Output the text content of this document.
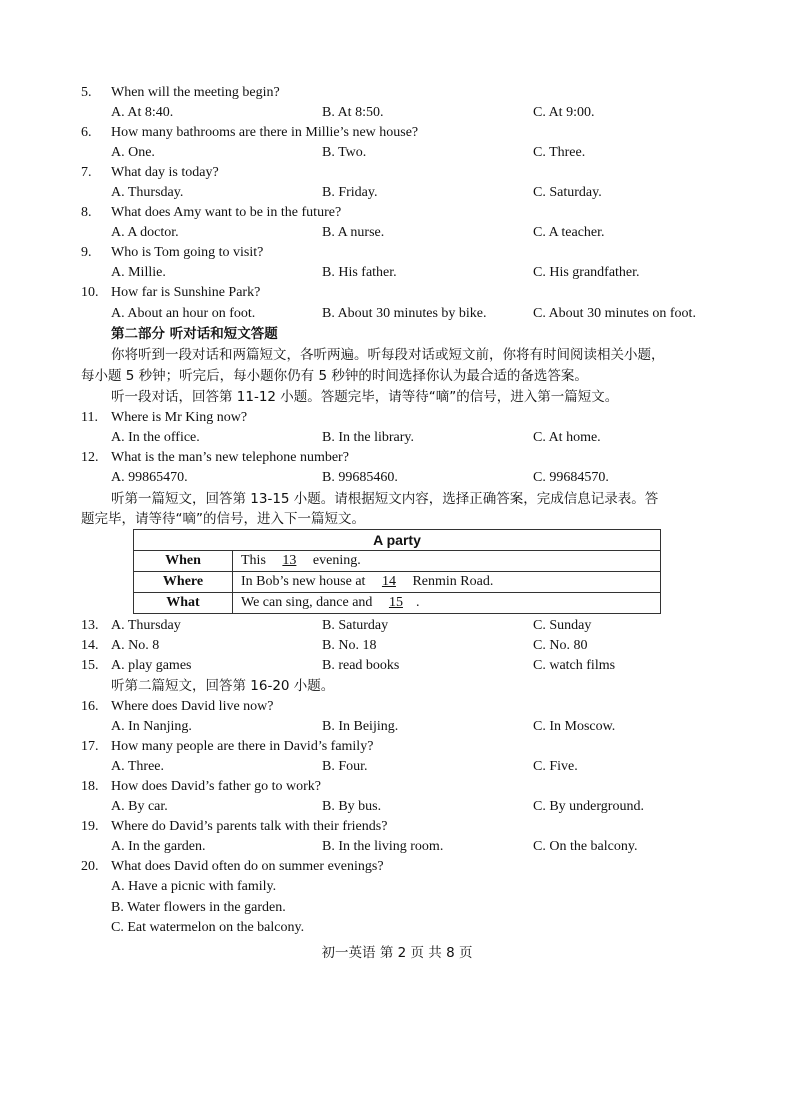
5. When will the meeting begin?
A. At 8:40.	B. At 8:50.	C. At 9:00.
6. How many bathrooms are there in Millie’s new house?
A. One.	B. Two.	C. Three.
7. What day is today?
A. Thursday.	B. Friday.	C. Saturday.
8. What does Amy want to be in the future?
A. A doctor.	B. A nurse.	C. A teacher.
9. Who is Tom going to visit?
A. Millie.	B. His father.	C. His grandfather.
10. How far is Sunshine Park?
A. About an hour on foot.	B. About 30 minutes by bike.	C. About 30 minutes on foot.
第二部分 听对话和短文答题
你将听到一段对话和两篇短文，各听两遍。听每段对话或短文前，你将有时间阅读相关小题，
每小题 5 秒钟；听完后，每小题你仍有 5 秒钟的时间选择你认为最合适的备选答案。
听一段对话，回答第 11-12 小题。答题完毕，请等待“嘀”的信号，进入第一篇短文。
11. Where is Mr King now?
A. In the office.	B. In the library.	C. At home.
12. What is the man’s new telephone number?
A. 99865470.	B. 99685460.	C. 99684570.
听第一篇短文，回答第 13-15 小题。请根据短文内容，选择正确答案，完成信息记录表。答
题完毕，请等待“嘀”的信号，进入下一篇短文。
A party	
When	This 13 evening.
Where	In Bob’s new house at 14 Renmin Road.
What	We can sing, dance and 15 .
13. A. Thursday	B. Saturday	C. Sunday
14. A. No. 8	B. No. 18	C. No. 80
15. A. play games	B. read books	C. watch films
听第二篇短文，回答第 16-20 小题。
16. Where does David live now?
A. In Nanjing.	B. In Beijing.	C. In Moscow.
17. How many people are there in David’s family?
A. Three.	B. Four.	C. Five.
18. How does David’s father go to work?
A. By car.	B. By bus.	C. By underground.
19. Where do David’s parents talk with their friends?
A. In the garden.	B. In the living room.	C. On the balcony.
20. What does David often do on summer evenings?
A. Have a picnic with family.
B. Water flowers in the garden.
C. Eat watermelon on the balcony.
初一英语 第 2 页 共 8 页
